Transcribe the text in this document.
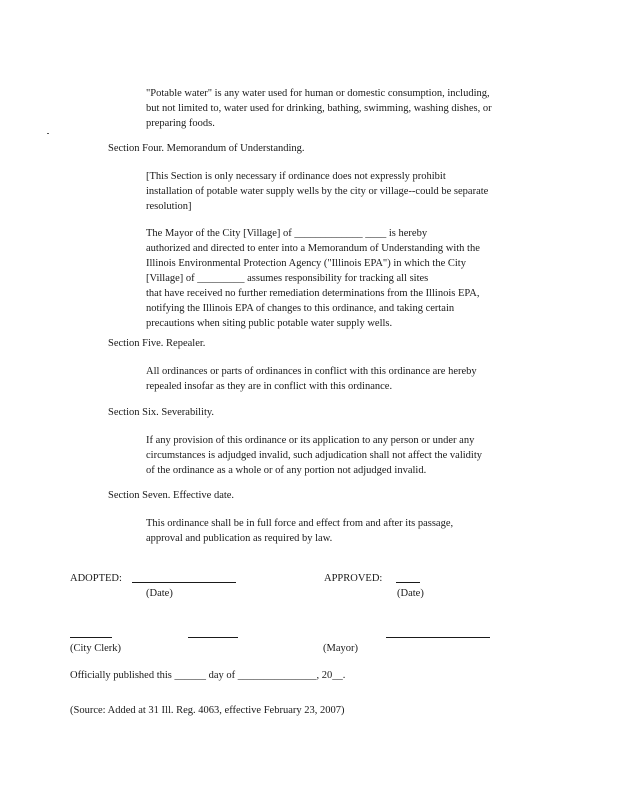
"Potable water" is any water used for human or domestic consumption, including,
but not limited to, water used for drinking, bathing, swimming, washing dishes, or
preparing foods.
Section Four. Memorandum of Understanding.
[This Section is only necessary if ordinance does not expressly prohibit
installation of potable water supply wells by the city or village--could be separate
resolution]
The Mayor of the City [Village] of _____________ ____ is hereby
authorized and directed to enter into a Memorandum of Understanding with the
Illinois Environmental Protection Agency ("Illinois EPA") in which the City
[Village] of _________ assumes responsibility for tracking all sites
that have received no further remediation determinations from the Illinois EPA,
notifying the Illinois EPA of changes to this ordinance, and taking certain
precautions when siting public potable water supply wells.
Section Five. Repealer.
All ordinances or parts of ordinances in conflict with this ordinance are hereby
repealed insofar as they are in conflict with this ordinance.
Section Six. Severability.
If any provision of this ordinance or its application to any person or under any
circumstances is adjudged invalid, such adjudication shall not affect the validity
of the ordinance as a whole or of any portion not adjudged invalid.
Section Seven. Effective date.
This ordinance shall be in full force and effect from and after its passage,
approval and publication as required by law.
ADOPTED:
(Date)
APPROVED:
(Date)
(City Clerk)	(Mayor)
Officially published this ______ day of _______________, 20__.
(Source: Added at 31 Ill. Reg. 4063, effective February 23, 2007)
